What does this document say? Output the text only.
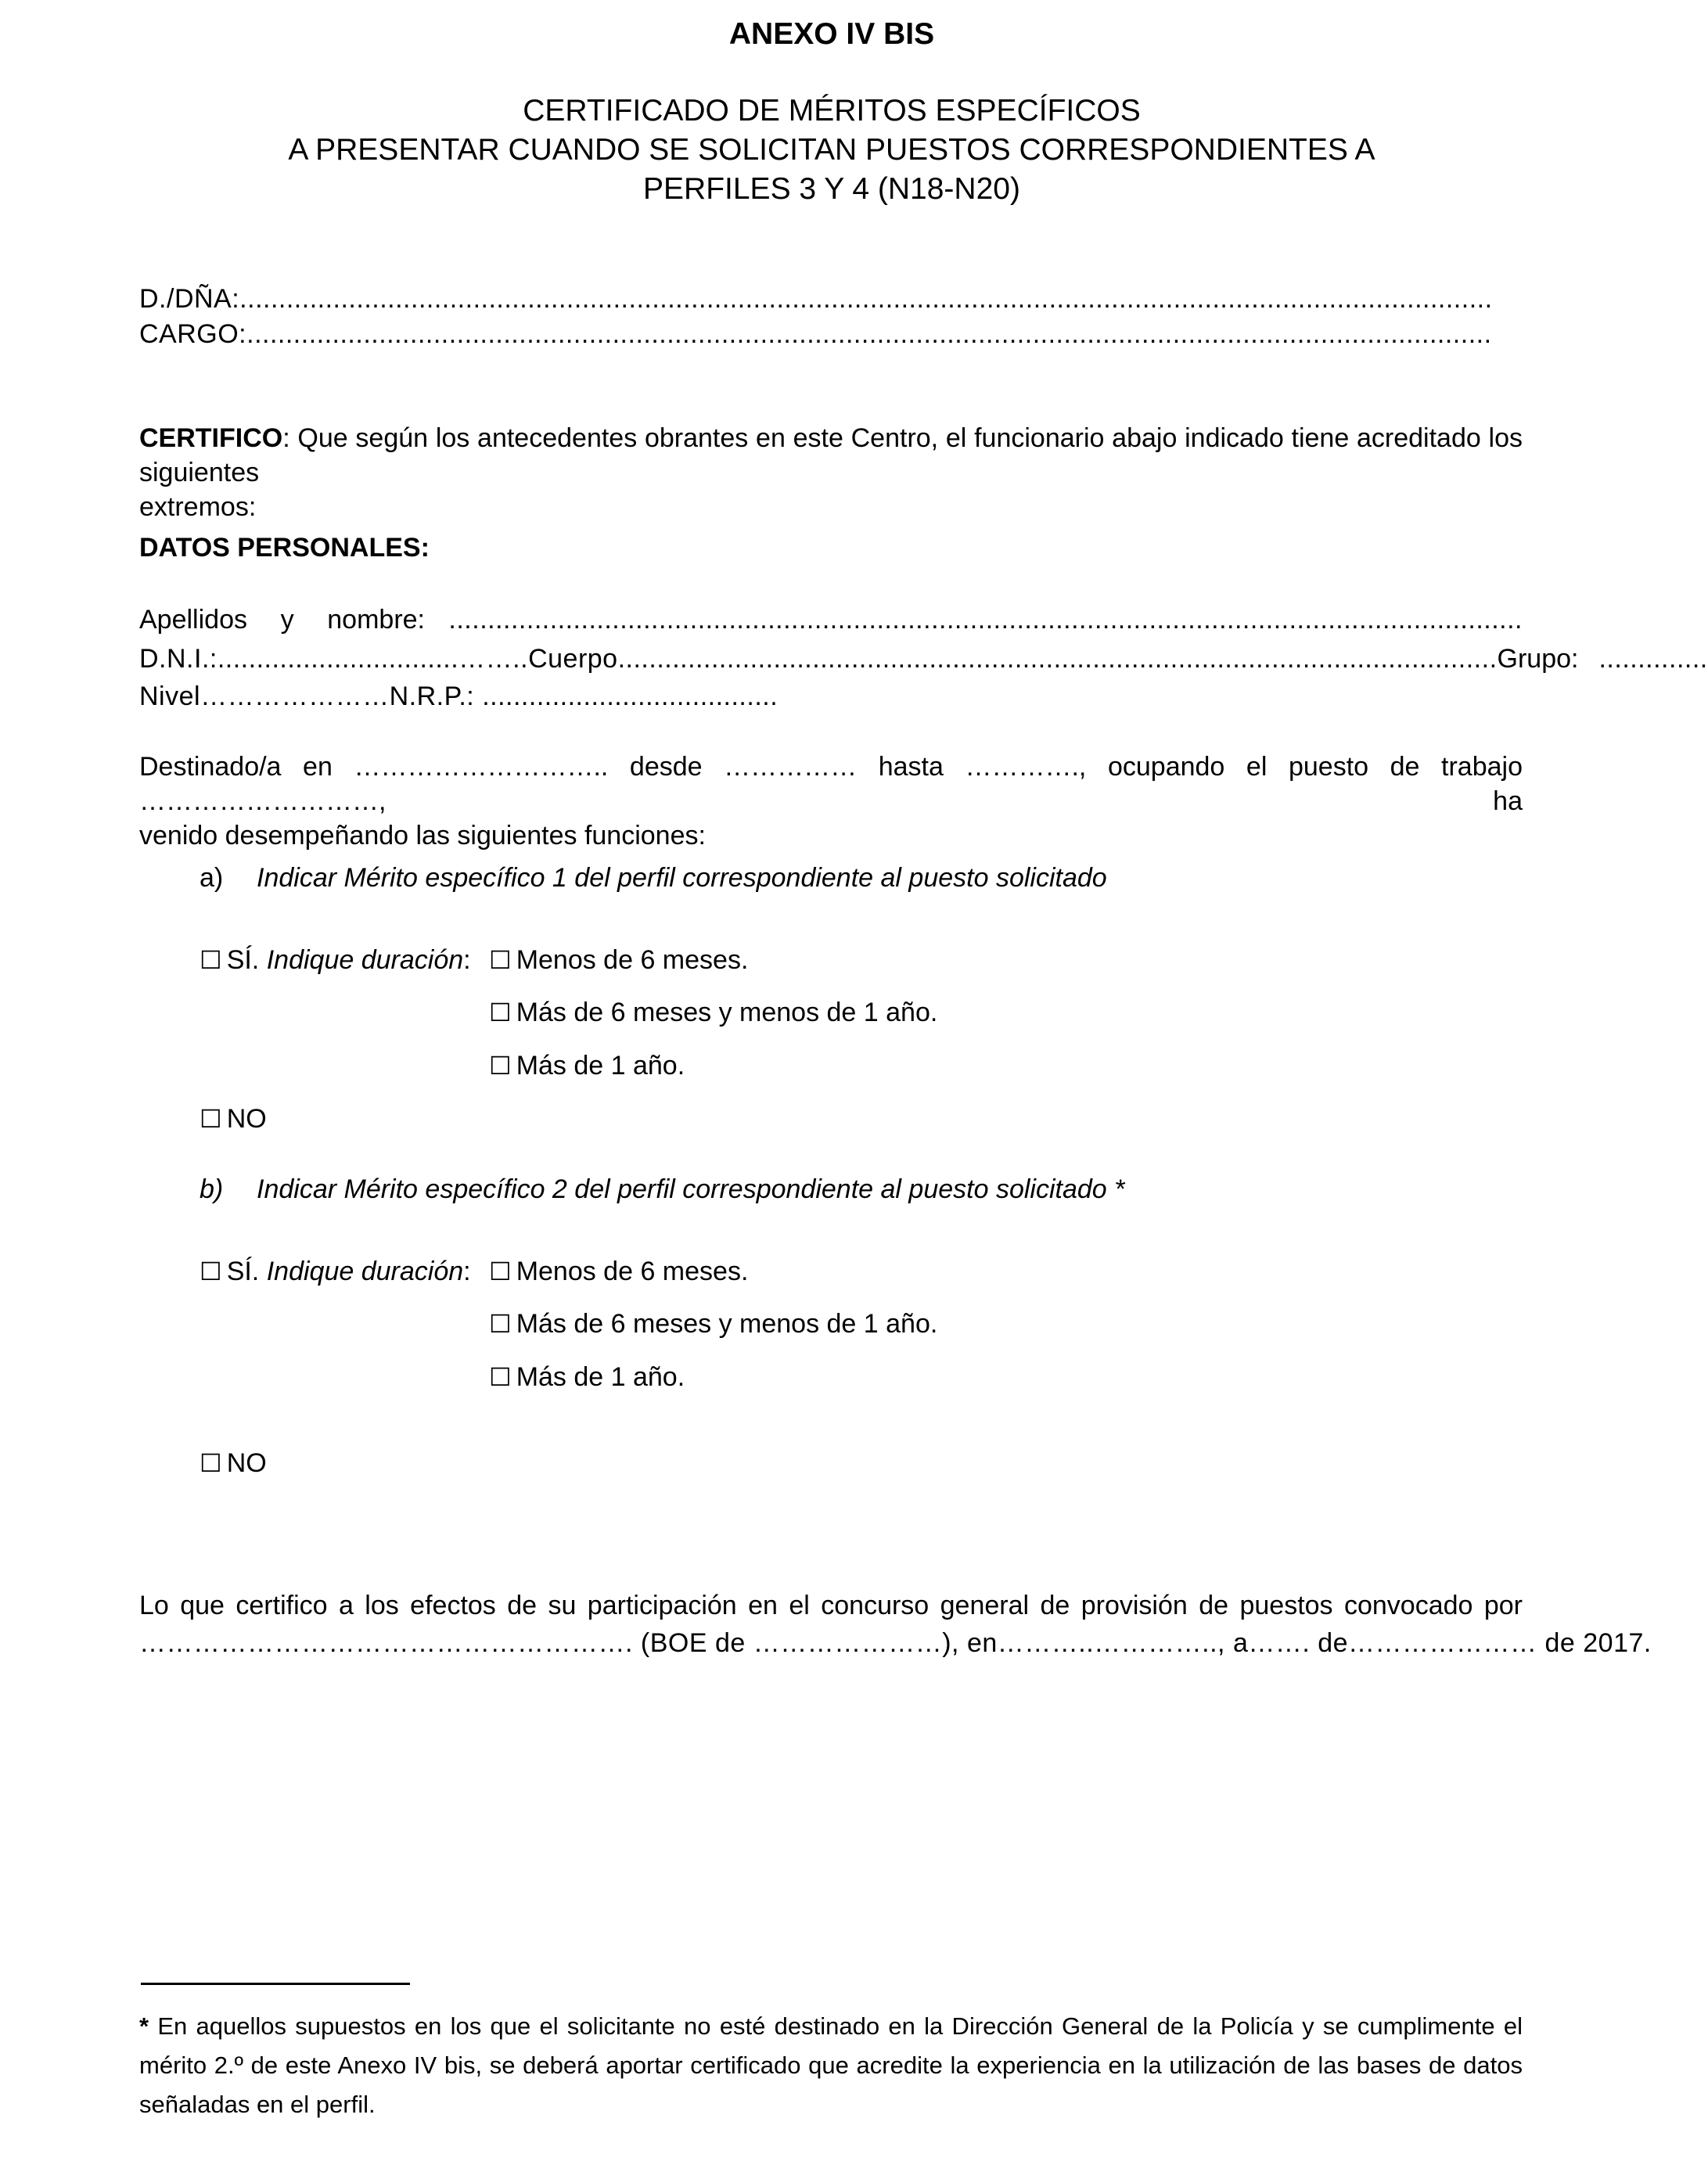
ANEXO IV BIS
CERTIFICADO DE MÉRITOS ESPECÍFICOS
A PRESENTAR CUANDO SE SOLICITAN PUESTOS CORRESPONDIENTES A
PERFILES 3 Y 4 (N18-N20)
D./DÑA:.................................................................................................................................................................
CARGO:................................................................................................................................................................
CERTIFICO: Que según los antecedentes obrantes en este Centro, el funcionario abajo indicado tiene acreditado los siguientes
extremos:
DATOS PERSONALES:
Apellidos y nombre: ..........................................................................................................................................
D.N.I.:...............................…….. Cuerpo................................................................................................................. Grupo: ..............
Nivel…………………N.R.P.: ......................................
Destinado/a en ……………………….. desde …………… hasta …………., ocupando el puesto de trabajo ………………………, ha
venido desempeñando las siguientes funciones:
a) Indicar Mérito específico 1 del perfil correspondiente al puesto solicitado
☐ SÍ. Indique duración: ☐ Menos de 6 meses.
☐ Más de 6 meses y menos de 1 año.
☐ Más de 1 año.
☐ NO
b) Indicar Mérito específico 2 del perfil correspondiente al puesto solicitado *
☐ SÍ. Indique duración: ☐ Menos de 6 meses.
☐ Más de 6 meses y menos de 1 año.
☐ Más de 1 año.
☐ NO
Lo que certifico a los efectos de su participación en el concurso general de provisión de puestos convocado por
………………………………………………. (BOE de …………………), en………..………….., a……. de………………… de 2017.
* En aquellos supuestos en los que el solicitante no esté destinado en la Dirección General de la Policía y se cumplimente el
mérito 2.º de este Anexo IV bis, se deberá aportar certificado que acredite la experiencia en la utilización de las bases de datos
señaladas en el perfil.
